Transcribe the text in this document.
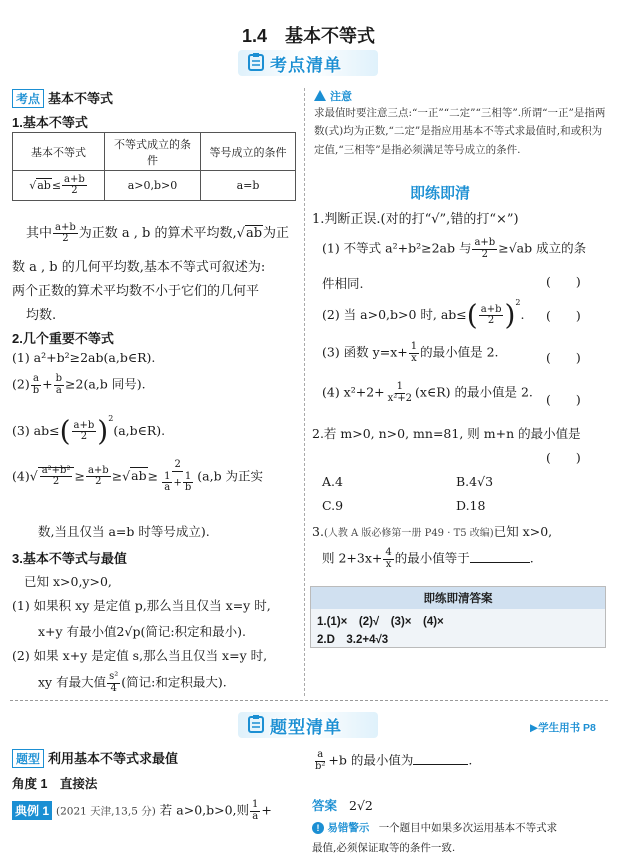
1.4　基本不等式
考点清单
考点 基本不等式
1.基本不等式
基本不等式	不等式成立的条件	等号成立的条件
$√ab\le \frac{a+b}{2}$	a>0,b>0	a=b
其中 $\frac{a+b}{2}$ 为正数 a , b 的算术平均数,√ab为正
数 a , b 的几何平均数,基本不等式可叙述为:
两个正数的算术平均数不小于它们的几何平
均数.
2.几个重要不等式
(1) a²+b²≥2ab(a,b∈R).
$(2) \frac{a}{b} + \frac{b}{a} \ge 2(a,b$ 同号).
(3) $ab\le( \frac{a+b}{2}$ )$^2(a,b\in R)$.
$(4)√ \frac{\text{a²+b²}}{2} \ge \frac{a+b}{2} \ge√ab\ge \frac{2}{\frac{1}{a} + \frac{1}{b}} (a,b$ 为正实
数,当且仅当 a=b 时等号成立).
3.基本不等式与最值
已知 x>0,y>0,
(1) 如果积 xy 是定值 p,那么当且仅当 x=y 时,
x+y 有最小值2√p(简记:积定和最小).
(2) 如果 x+y 是定值 s,那么当且仅当 x=y 时,
xy 有最大值 $\frac{\text{s²}}{4}$ (简记:和定积最大).
注意
求最值时要注意三点:“一正”“二定”“三相等”.所谓“一正”是指两数(式)均为正数,“二定”是指应用基本不等式求最值时,和或积为定值,“三相等”是指必须满足等号成立的条件.
即练即清
1.判断正误.(对的打“√”,错的打“×”)
(1) 不等式 a²+b²≥2ab 与 $\frac{a+b}{2} \ge√ab$ 成立的条
件相同.	(　　)
(2) 当 a>0,b>0 时, $ab\le( \frac{a+b}{2} )^2$. (　　)
(3) 函数 $y=x+ \frac{1}{x}$ 的最小值是 2.	(　　)
(4) $x^2+2+ \frac{1}{\text{x²+2}}$ (x∈R) 的最小值是 2. (　　)
2.若 m>0, n>0, mn=81, 则 m+n 的最小值是
(　　)
A.4	B.4√3
C.9	D.18
3.(人教 A 版必修第一册 P49 · T5 改编)已知 x>0,
则 $2+3x+ \frac{4}{x}$ 的最小值等于	.
即练即清答案
1.(1)×　(2)√　(3)×　(4)×
2.D　3.2+4√3
题型清单	▶学生用书 P8
题型 利用基本不等式求最值
角度 1　直接法
典例 1 (2021 天津,13,5 分) 若 a>0,b>0,则 $\frac{1}{a}$ +
$\frac{a}{\text{b²}} +b$ 的最小值为	.
答案 2√2
! 易错警示 一个题目中如果多次运用基本不等式求
最值,必须保证取等的条件一致.
